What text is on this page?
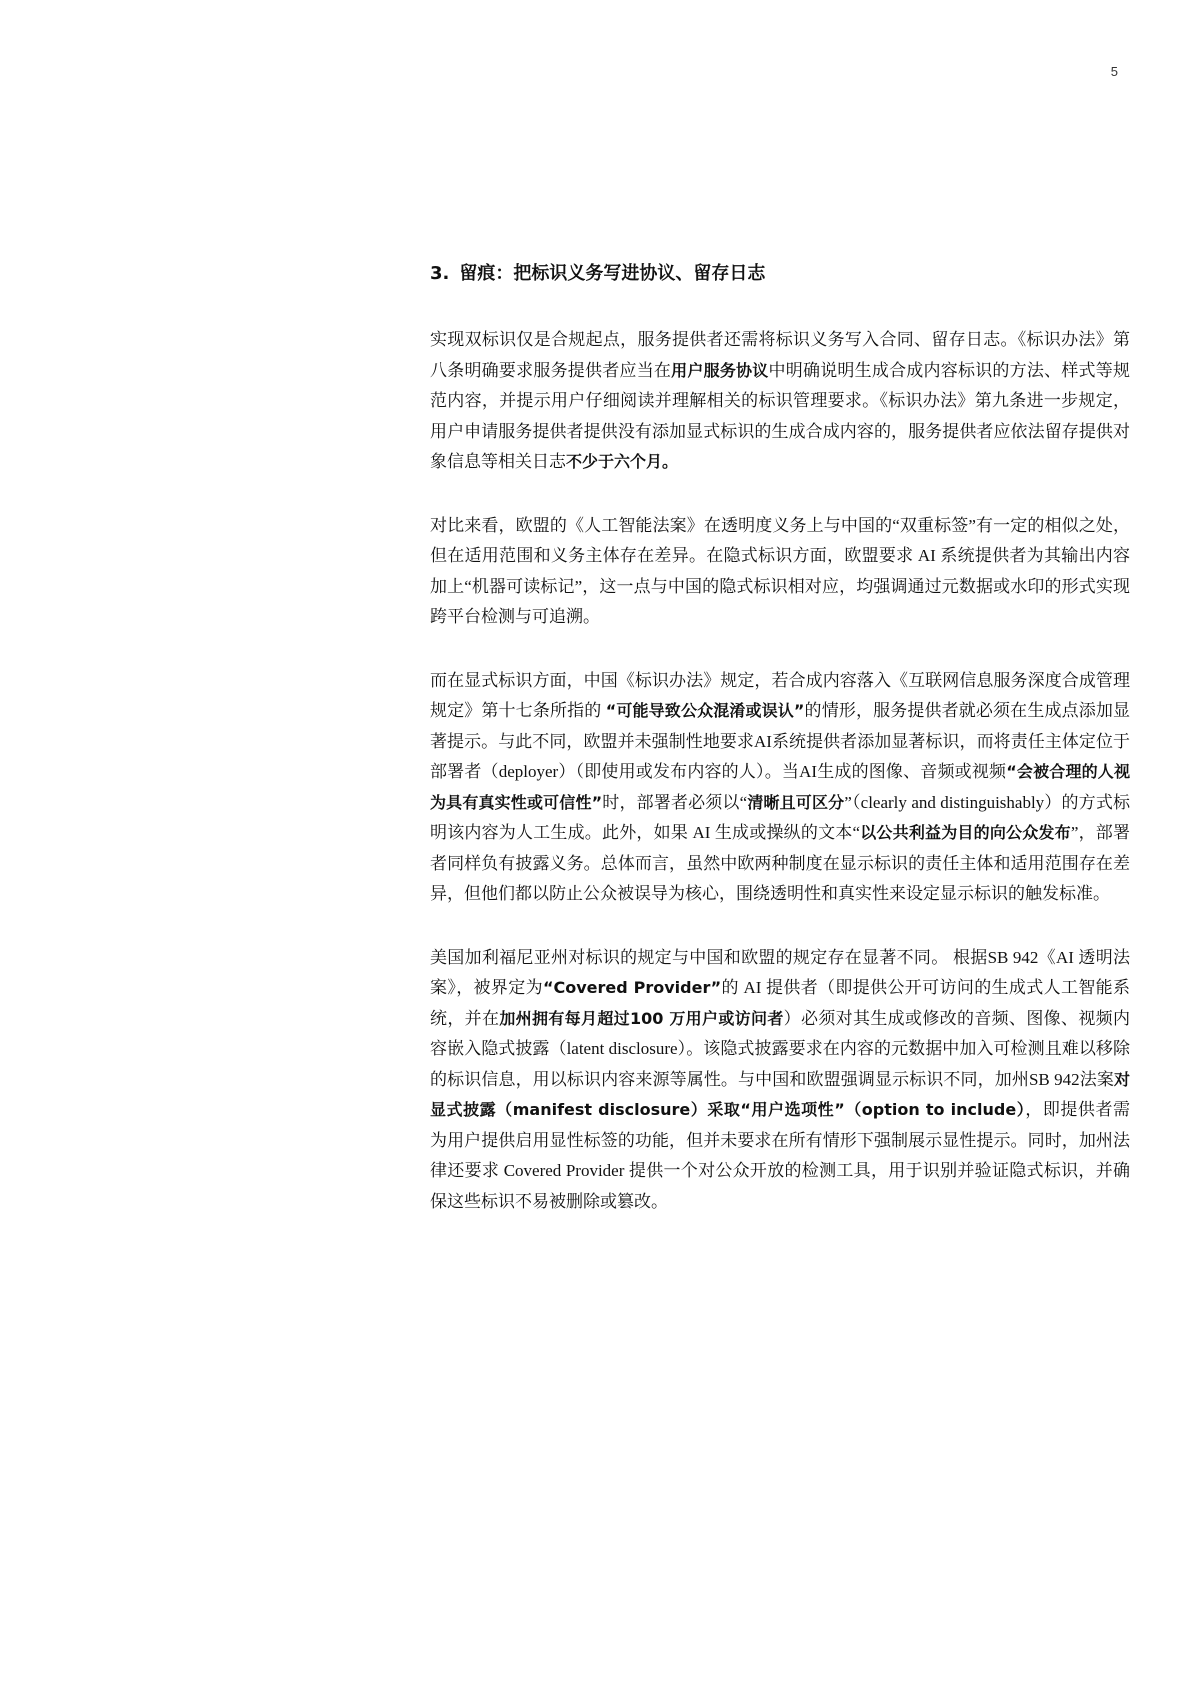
5
3. 留痕：把标识义务写进协议、留存日志

实现双标识仅是合规起点，服务提供者还需将标识义务写入合同、留存日志。《标识办法》第八条明确要求服务提供者应当在用户服务协议中明确说明生成合成内容标识的方法、样式等规范内容，并提示用户仔细阅读并理解相关的标识管理要求。《标识办法》第九条进一步规定，用户申请服务提供者提供没有添加显式标识的生成合成内容的，服务提供者应依法留存提供对象信息等相关日志不少于六个月。

对比来看，欧盟的《人工智能法案》在透明度义务上与中国的“双重标签”有一定的相似之处，但在适用范围和义务主体存在差异。在隐式标识方面，欧盟要求 AI 系统提供者为其输出内容加上“机器可读标记”，这一点与中国的隐式标识相对应，均强调通过元数据或水印的形式实现跨平台检测与可追溯。

而在显式标识方面，中国《标识办法》规定，若合成内容落入《互联网信息服务深度合成管理规定》第十七条所指的 “可能导致公众混淆或误认”的情形，服务提供者就必须在生成点添加显著提示。与此不同，欧盟并未强制性地要求AI系统提供者添加显著标识，而将责任主体定位于部署者（deployer）（即使用或发布内容的人）。当AI生成的图像、音频或视频“会被合理的人视为具有真实性或可信性”时，部署者必须以“清晰且可区分”（clearly and distinguishably）的方式标明该内容为人工生成。此外，如果 AI 生成或操纵的文本“以公共利益为目的向公众发布”，部署者同样负有披露义务。总体而言，虽然中欧两种制度在显示标识的责任主体和适用范围存在差异，但他们都以防止公众被误导为核心，围绕透明性和真实性来设定显示标识的触发标准。

美国加利福尼亚州对标识的规定与中国和欧盟的规定存在显著不同。 根据SB 942《AI 透明法案》，被界定为“Covered Provider”的 AI 提供者（即提供公开可访问的生成式人工智能系统，并在加州拥有每月超过100 万用户或访问者）必须对其生成或修改的音频、图像、视频内容嵌入隐式披露（latent disclosure）。该隐式披露要求在内容的元数据中加入可检测且难以移除的标识信息，用以标识内容来源等属性。与中国和欧盟强调显示标识不同，加州SB 942法案对显式披露（manifest disclosure）采取“用户选项性”（option to include），即提供者需为用户提供启用显性标签的功能，但并未要求在所有情形下强制展示显性提示。同时，加州法律还要求 Covered Provider 提供一个对公众开放的检测工具，用于识别并验证隐式标识，并确保这些标识不易被删除或篡改。
